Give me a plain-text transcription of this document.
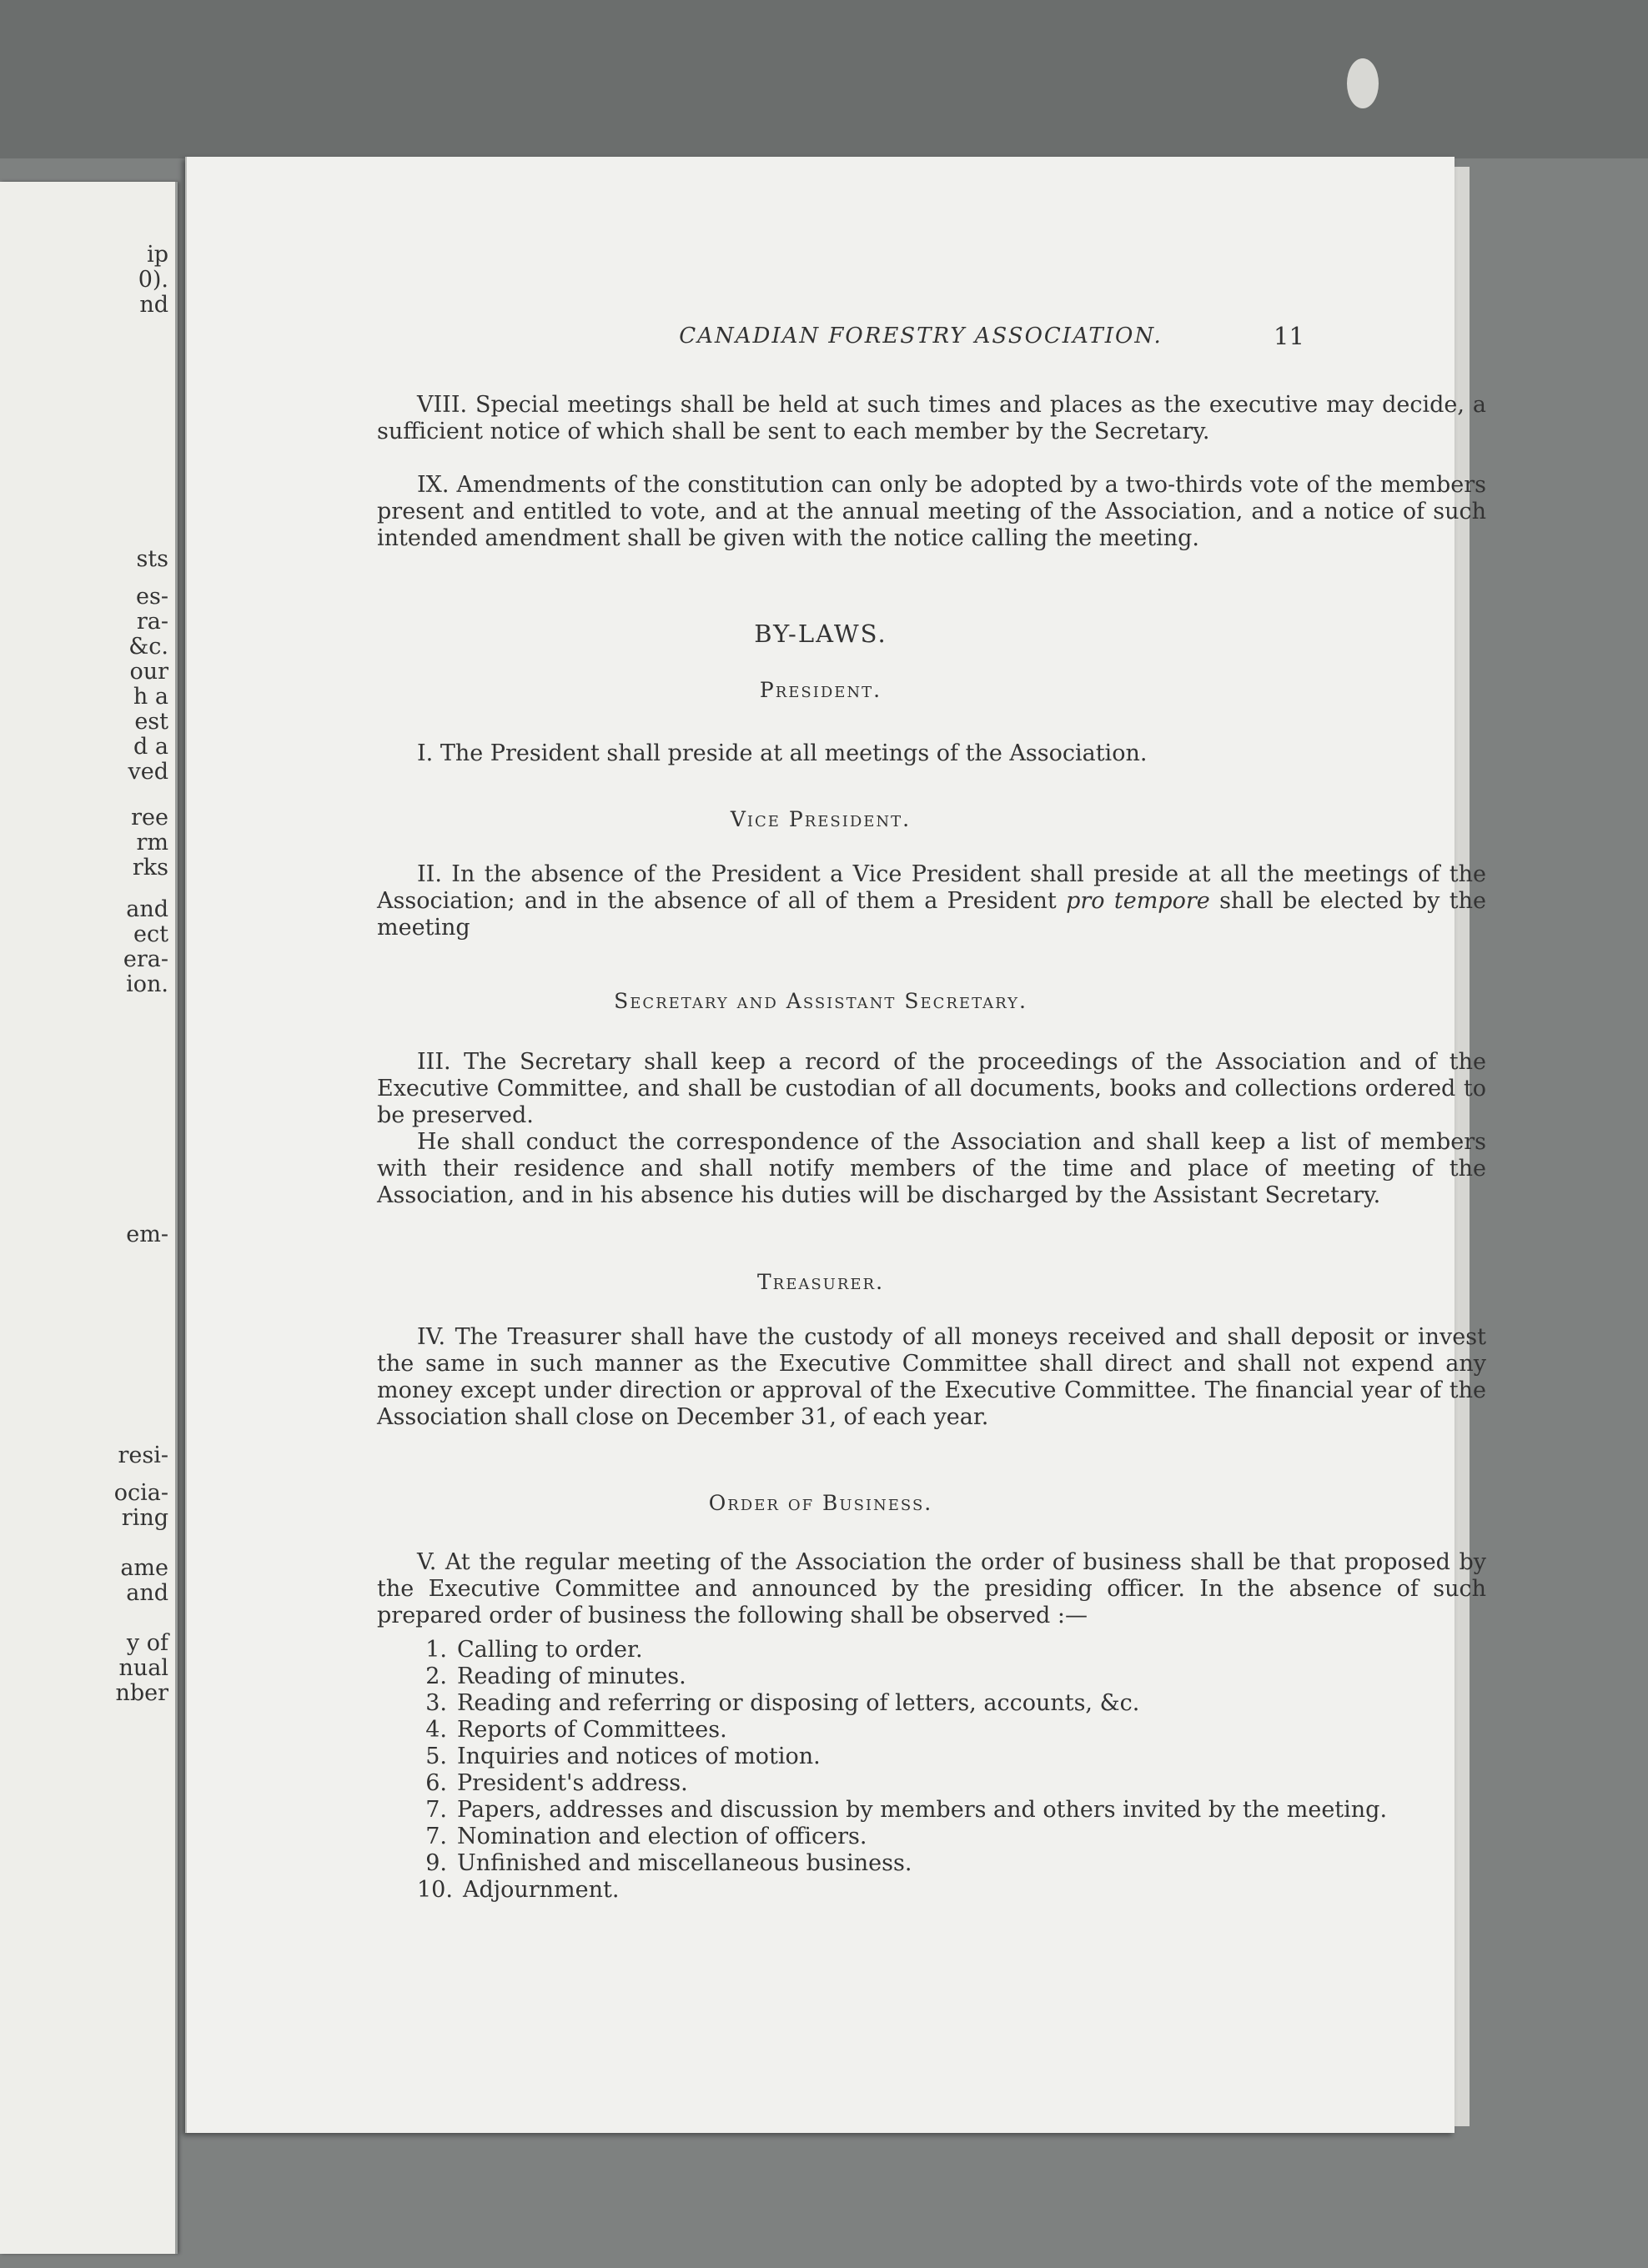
ip
0).
nd
sts
es-
ra-
&c.
our
h a
est
d a
ved
ree
rm
rks
and
ect
era-
ion.
em-
resi-
ocia-
ring
ame
and
y of
nual
nber
CANADIAN FORESTRY ASSOCIATION.	11

VIII. Special meetings shall be held at such times and places as the executive may decide, a sufficient notice of which shall be sent to each member by the Secretary.

IX. Amendments of the constitution can only be adopted by a two-thirds vote of the members present and entitled to vote, and at the annual meeting of the Association, and a notice of such intended amendment shall be given with the notice calling the meeting.

BY-LAWS.
President.

I. The President shall preside at all meetings of the Association.

Vice President.

II. In the absence of the President a Vice President shall preside at all the meetings of the Association; and in the absence of all of them a President pro tempore shall be elected by the meeting

Secretary and Assistant Secretary.

III. The Secretary shall keep a record of the proceedings of the Association and of the Executive Committee, and shall be custodian of all documents, books and collections ordered to be preserved.

He shall conduct the correspondence of the Association and shall keep a list of members with their residence and shall notify members of the time and place of meeting of the Association, and in his absence his duties will be discharged by the Assistant Secretary.

Treasurer.

IV. The Treasurer shall have the custody of all moneys received and shall deposit or invest the same in such manner as the Executive Committee shall direct and shall not expend any money except under direction or approval of the Executive Committee. The financial year of the Association shall close on December 31, of each year.

Order of Business.

V. At the regular meeting of the Association the order of business shall be that proposed by the Executive Committee and announced by the presiding officer. In the absence of such prepared order of business the following shall be observed :—

1. Calling to order.
2. Reading of minutes.
3. Reading and referring or disposing of letters, accounts, &c.
4. Reports of Committees.
5. Inquiries and notices of motion.
6. President's address.
7. Papers, addresses and discussion by members and others invited by the meeting.
7. Nomination and election of officers.
9. Unfinished and miscellaneous business.
10. Adjournment.
